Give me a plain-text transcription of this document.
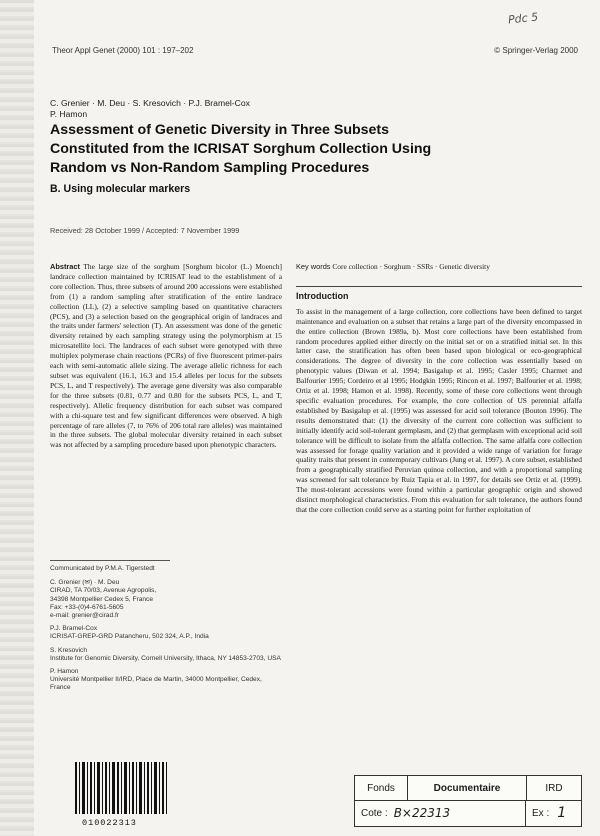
Pdc 5
Theor Appl Genet (2000) 101 : 197–202	© Springer-Verlag 2000
C. Grenier · M. Deu · S. Kresovich · P.J. Bramel-Cox
P. Hamon
Assessment of Genetic Diversity in Three Subsets Constituted from the ICRISAT Sorghum Collection Using Random vs Non-Random Sampling Procedures
B. Using molecular markers
Received: 28 October 1999 / Accepted: 7 November 1999
Abstract The large size of the sorghum [Sorghum bicolor (L.) Moench] landrace collection maintained by ICRISAT lead to the establishment of a core collection. Thus, three subsets of around 200 accessions were established from (1) a random sampling after stratification of the entire landrace collection (LL), (2) a selective sampling based on quantitative characters (PCS), and (3) a selection based on the geographical origin of landraces and the traits under farmers' selection (T). An assessment was done of the genetic diversity retained by each sampling strategy using the polymorphism at 15 microsatellite loci. The landraces of each subset were genotyped with three multiplex polymerase chain reactions (PCRs) of five fluorescent primer-pairs each with semi-automatic allele sizing. The average allelic richness for each subset was equivalent (16.1, 16.3 and 15.4 alleles per locus for the subsets PCS, L, and T respectively). The average gene diversity was also comparable for the three subsets (0.81, 0.77 and 0.80 for the subsets PCS, L, and T, respectively). Allelic frequency distribution for each subset was compared with a chi-square test and few significant differences were observed. A high percentage of rare alleles (7, to 76% of 206 total rare alleles) was maintained in the three subsets. The global molecular diversity retained in each subset was not affected by a sampling procedure based upon phenotypic characters.
Key words Core collection · Sorghum · SSRs · Genetic diversity
Introduction
To assist in the management of a large collection, core collections have been defined to target maintenance and evaluation on a subset that retains a large part of the diversity encompassed in the entire collection (Brown 1989a, b). Most core collections have been established from random procedures applied either directly on the initial set or on a stratified initial set. In this latter case, the stratification has often been based upon biological or eco-geographical considerations. The degree of diversity in the core collection was essentially based on phenotypic values (Diwan et al. 1994; Basigalup et al. 1995; Casler 1995; Charmet and Balfourier 1995; Cordeiro et al 1995; Hodgkin 1995; Rincon et al. 1997; Balfourier et al. 1998; Ortiz et al. 1998; Hamon et al. 1998). Recently, some of these core collections went through specific evaluation procedures. For example, the core collection of US perennial alfalfa established by Basigalup et al. (1995) was assessed for acid soil tolerance (Bouton 1996). The results demonstrated that: (1) the diversity of the current core collection was sufficient to initially identify acid soil-tolerant germplasm, and (2) that germplasm with exceptional acid soil tolerance will be difficult to isolate from the alfalfa collection. The same alfalfa core collection was assessed for forage quality variation and it provided a wide range of variation for forage quality traits that present in contemporary cultivars (Jung et al. 1997). A core subset, established from a geographically stratified Peruvian quinoa collection, and with a proportional sampling was screened for salt tolerance by Ruiz Tapia et al. in 1997, for details see Ortiz et al. (1999). The most-tolerant accessions were found within a particular geographic origin and showed distinct morphological characteristics. From this evaluation for salt tolerance, the authors found that the core collection could serve as a starting point for further exploitation of
Communicated by P.M.A. Tigerstedt

C. Grenier (✉) · M. Deu
CIRAD, TA 70/03, Avenue Agropolis,
34398 Montpellier Cedex 5, France
Fax: +33-(0)4-6761-5605
e-mail: grenier@cirad.fr

P.J. Bramel-Cox
ICRISAT-GREP-GRD Patancheru, 502 324, A.P., India

S. Kresovich
Institute for Genomic Diversity, Cornell University, Ithaca, NY 14853-2703, USA

P. Hamon
Université Montpellier II/IRD, Place de Martin, 34000 Montpellier, Cedex, France

010022313
Fonds	Documentaire	IRD
Cote : B×22313	Ex : 1
